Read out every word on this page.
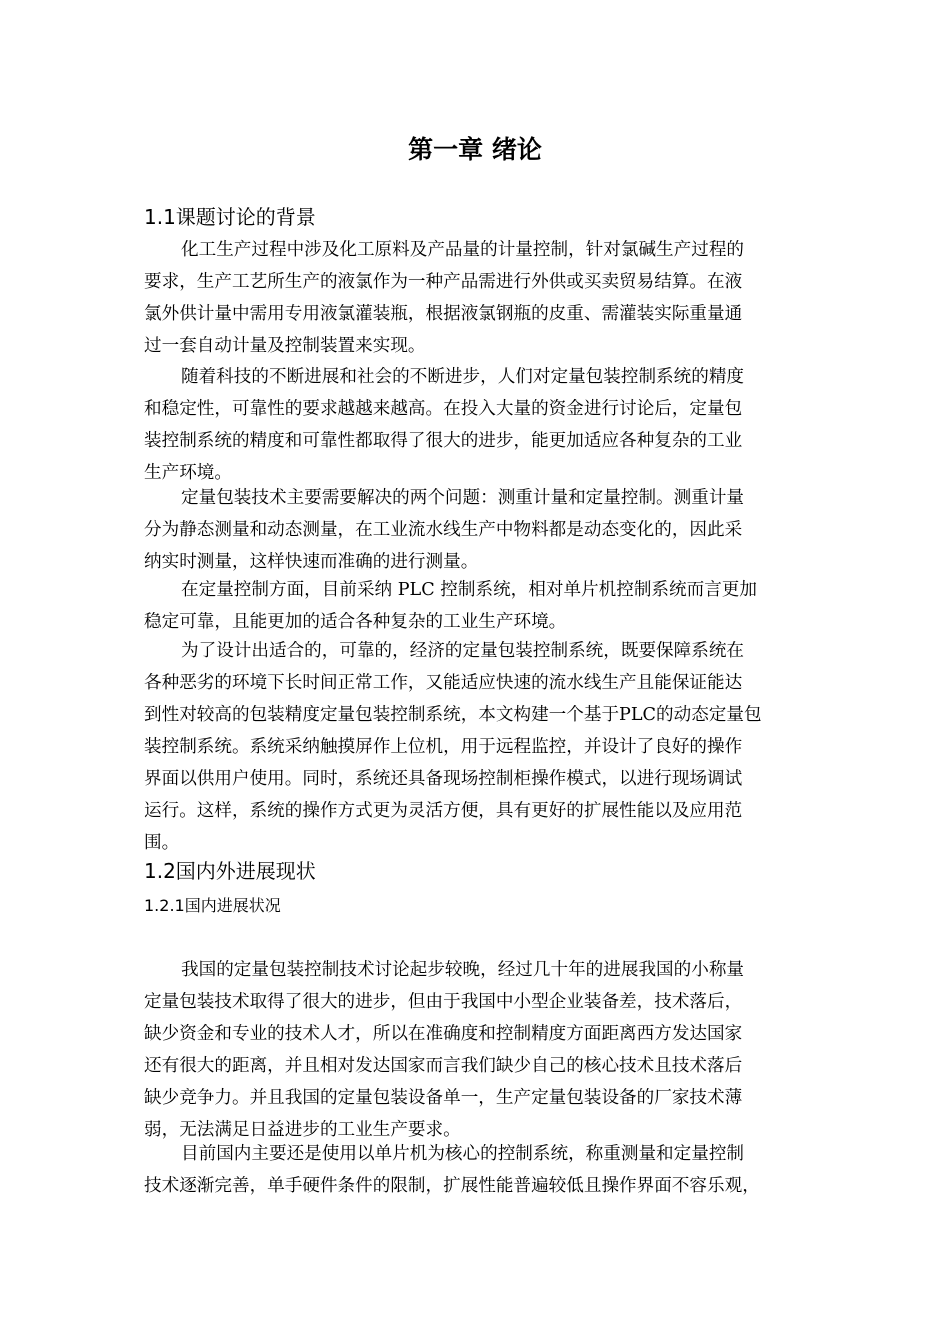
第一章 绪论
1.1课题讨论的背景
化工生产过程中涉及化工原料及产品量的计量控制，针对氯碱生产过程的
要求，生产工艺所生产的液氯作为一种产品需进行外供或买卖贸易结算。在液
氯外供计量中需用专用液氯灌装瓶，根据液氯钢瓶的皮重、需灌装实际重量通
过一套自动计量及控制装置来实现。
随着科技的不断进展和社会的不断进步，人们对定量包装控制系统的精度
和稳定性，可靠性的要求越越来越高。在投入大量的资金进行讨论后，定量包
装控制系统的精度和可靠性都取得了很大的进步，能更加适应各种复杂的工业
生产环境。
定量包装技术主要需要解决的两个问题：测重计量和定量控制。测重计量
分为静态测量和动态测量，在工业流水线生产中物料都是动态变化的，因此采
纳实时测量，这样快速而准确的进行测量。
在定量控制方面，目前采纳 PLC 控制系统，相对单片机控制系统而言更加
稳定可靠，且能更加的适合各种复杂的工业生产环境。
为了设计出适合的，可靠的，经济的定量包装控制系统，既要保障系统在
各种恶劣的环境下长时间正常工作，又能适应快速的流水线生产且能保证能达
到性对较高的包装精度定量包装控制系统，本文构建一个基于PLC的动态定量包
装控制系统。系统采纳触摸屏作上位机，用于远程监控，并设计了良好的操作
界面以供用户使用。同时，系统还具备现场控制柜操作模式，以进行现场调试
运行。这样，系统的操作方式更为灵活方便，具有更好的扩展性能以及应用范
围。
1.2国内外进展现状
1.2.1国内进展状况
我国的定量包装控制技术讨论起步较晚，经过几十年的进展我国的小称量
定量包装技术取得了很大的进步，但由于我国中小型企业装备差，技术落后，
缺少资金和专业的技术人才，所以在准确度和控制精度方面距离西方发达国家
还有很大的距离，并且相对发达国家而言我们缺少自己的核心技术且技术落后
缺少竞争力。并且我国的定量包装设备单一，生产定量包装设备的厂家技术薄
弱，无法满足日益进步的工业生产要求。
目前国内主要还是使用以单片机为核心的控制系统，称重测量和定量控制
技术逐渐完善，单手硬件条件的限制，扩展性能普遍较低且操作界面不容乐观，
